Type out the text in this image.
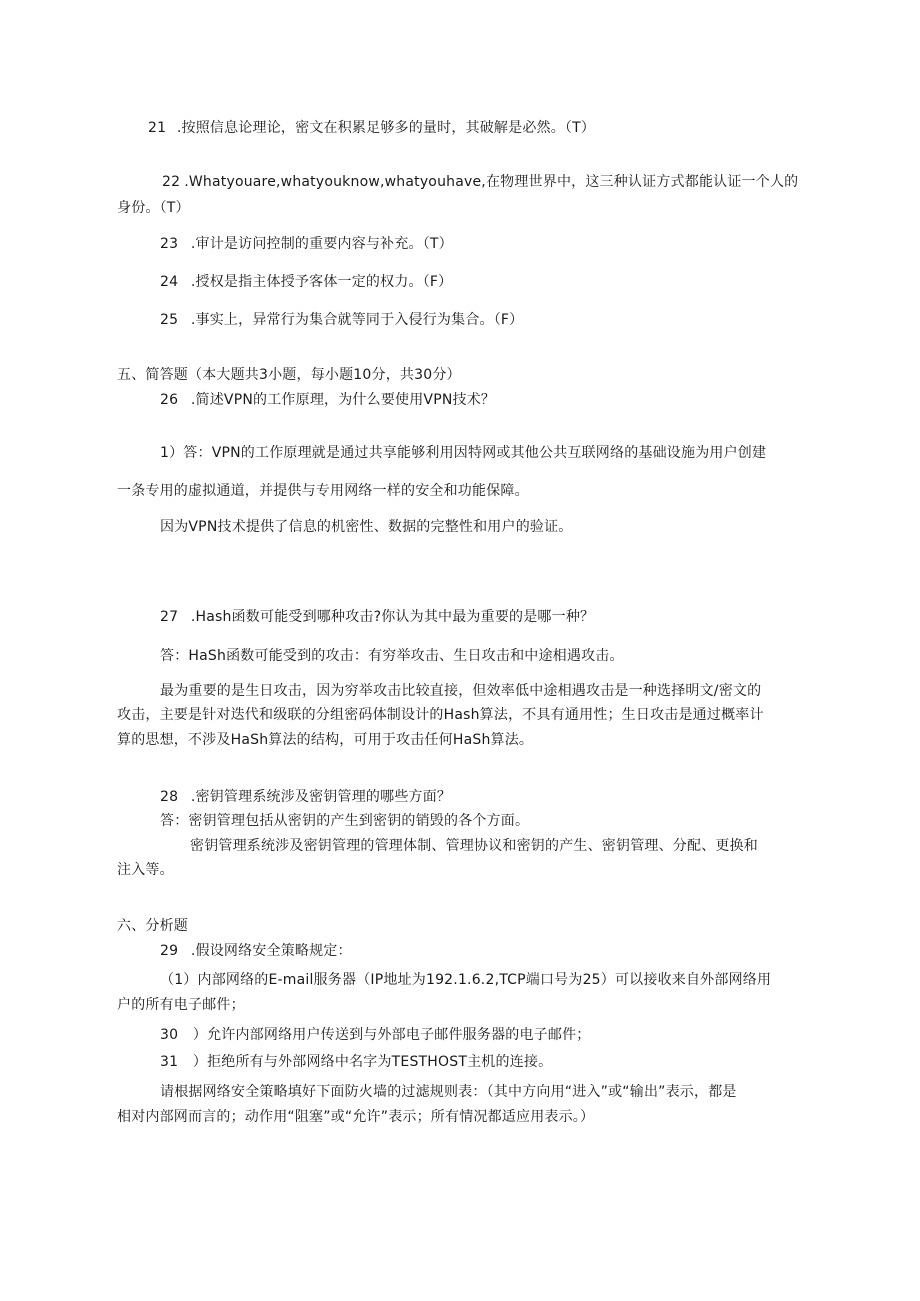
21 .按照信息论理论，密文在积累足够多的量时，其破解是必然。（T）
22 .Whatyouare,whatyouknow,whatyouhave,在物理世界中，这三种认证方式都能认证一个人的
身份。（T）
23 .审计是访问控制的重要内容与补充。（T）
24 .授权是指主体授予客体一定的权力。（F）
25 .事实上，异常行为集合就等同于入侵行为集合。（F）
五、简答题（本大题共3小题，每小题10分，共30分）
26 .简述VPN的工作原理，为什么要使用VPN技术？
1）答：VPN的工作原理就是通过共享能够利用因特网或其他公共互联网络的基础设施为用户创建
一条专用的虚拟通道，并提供与专用网络一样的安全和功能保障。
因为VPN技术提供了信息的机密性、数据的完整性和用户的验证。
27 .Hash函数可能受到哪种攻击?你认为其中最为重要的是哪一种？
答：HaSh函数可能受到的攻击：有穷举攻击、生日攻击和中途相遇攻击。
最为重要的是生日攻击，因为穷举攻击比较直接，但效率低中途相遇攻击是一种选择明文/密文的
攻击，主要是针对迭代和级联的分组密码体制设计的Hash算法，不具有通用性；生日攻击是通过概率计
算的思想，不涉及HaSh算法的结构，可用于攻击任何HaSh算法。
28 .密钥管理系统涉及密钥管理的哪些方面？
答：密钥管理包括从密钥的产生到密钥的销毁的各个方面。
密钥管理系统涉及密钥管理的管理体制、管理协议和密钥的产生、密钥管理、分配、更换和
注入等。
六、分析题
29 .假设网络安全策略规定：
（1）内部网络的E-mail服务器（IP地址为192.1.6.2,TCP端口号为25）可以接收来自外部网络用
户的所有电子邮件；
30 ）允许内部网络用户传送到与外部电子邮件服务器的电子邮件；
31 ）拒绝所有与外部网络中名字为TESTHOST主机的连接。
请根据网络安全策略填好下面防火墙的过滤规则表：（其中方向用“进入”或“输出”表示，都是
相对内部网而言的；动作用“阻塞”或“允许”表示；所有情况都适应用表示。）
